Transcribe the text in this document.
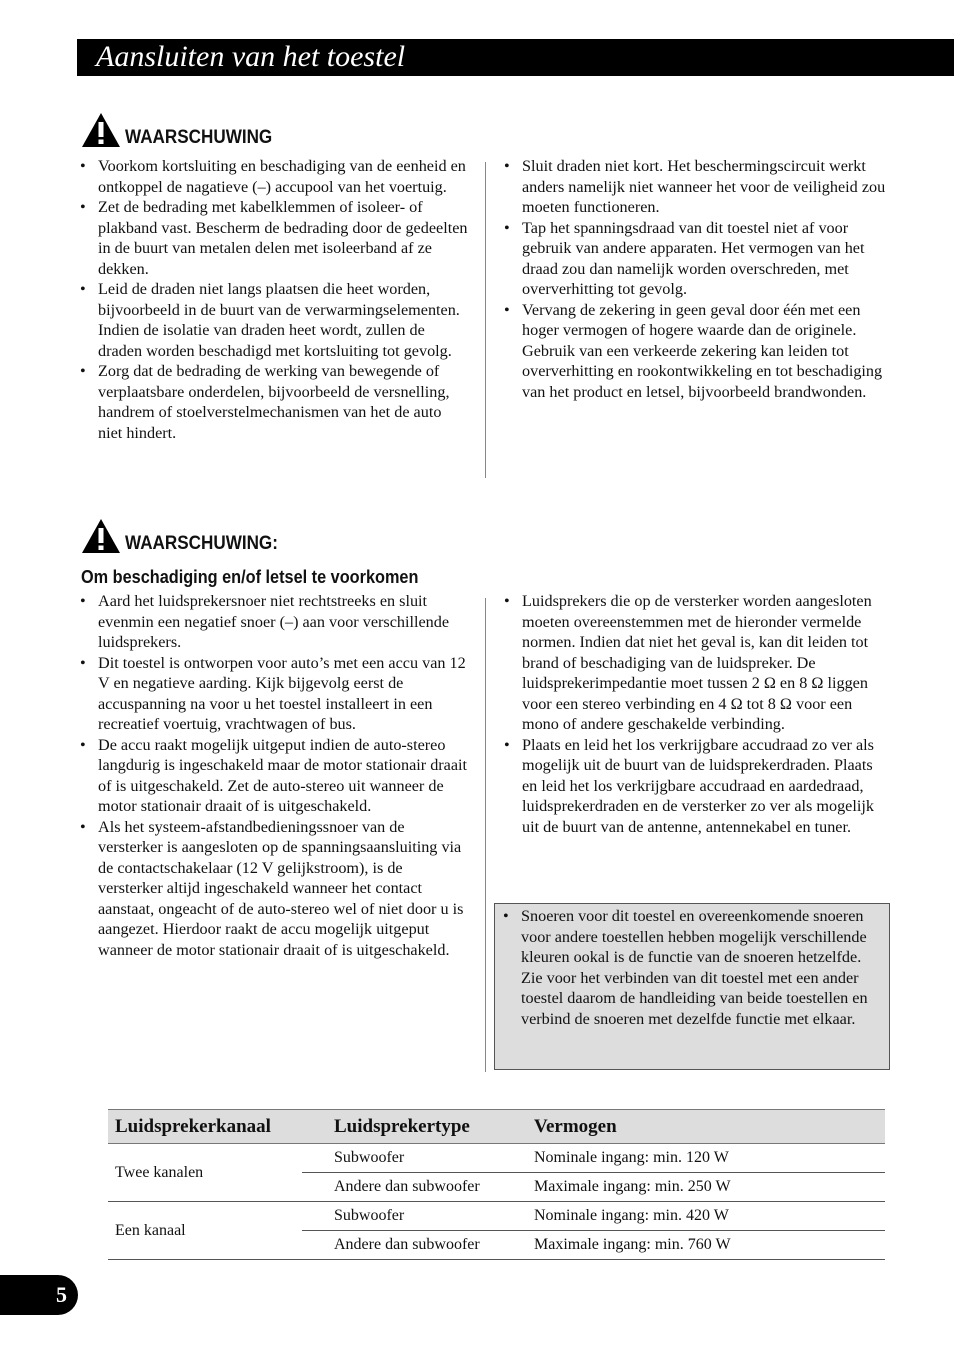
Aansluiten van het toestel
WAARSCHUWING
• Voorkom kortsluiting en beschadiging van de eenheid en ontkoppel de nagatieve (–) accupool van het voertuig.
• Zet de bedrading met kabelklemmen of isoleer- of plakband vast. Bescherm de bedrading door de gedeelten in de buurt van metalen delen met isoleerband af ze dekken.
• Leid de draden niet langs plaatsen die heet worden, bijvoorbeeld in de buurt van de verwarmingselementen. Indien de isolatie van draden heet wordt, zullen de draden worden beschadigd met kortsluiting tot gevolg.
• Zorg dat de bedrading de werking van bewegende of verplaatsbare onderdelen, bijvoorbeeld de versnelling, handrem of stoelverstelmechanismen van het de auto niet hindert.
• Sluit draden niet kort. Het beschermingscircuit werkt anders namelijk niet wanneer het voor de veiligheid zou moeten functioneren.
• Tap het spanningsdraad van dit toestel niet af voor gebruik van andere apparaten. Het vermogen van het draad zou dan namelijk worden overschreden, met oververhitting tot gevolg.
• Vervang de zekering in geen geval door één met een hoger vermogen of hogere waarde dan de originele. Gebruik van een verkeerde zekering kan leiden tot oververhitting en rookontwikkeling en tot beschadiging van het product en letsel, bijvoorbeeld brandwonden.
WAARSCHUWING:
Om beschadiging en/of letsel te voorkomen
• Aard het luidsprekersnoer niet rechtstreeks en sluit evenmin een negatief snoer (–) aan voor verschillende luidsprekers.
• Dit toestel is ontworpen voor auto’s met een accu van 12 V en negatieve aarding. Kijk bijgevolg eerst de accuspanning na voor u het toestel installeert in een recreatief voertuig, vrachtwagen of bus.
• De accu raakt mogelijk uitgeput indien de auto-stereo langdurig is ingeschakeld maar de motor stationair draait of is uitgeschakeld. Zet de auto-stereo uit wanneer de motor stationair draait of is uitgeschakeld.
• Als het systeem-afstandbedieningssnoer van de versterker is aangesloten op de spanningsaansluiting via de contactschakelaar (12 V gelijkstroom), is de versterker altijd ingeschakeld wanneer het contact aanstaat, ongeacht of de auto-stereo wel of niet door u is aangezet. Hierdoor raakt de accu mogelijk uitgeput wanneer de motor stationair draait of is uitgeschakeld.
• Luidsprekers die op de versterker worden aangesloten moeten overeenstemmen met de hieronder vermelde normen. Indien dat niet het geval is, kan dit leiden tot brand of beschadiging van de luidspreker. De luidsprekerimpedantie moet tussen 2 Ω en 8 Ω liggen voor een stereo verbinding en 4 Ω tot 8 Ω voor een mono of andere geschakelde verbinding.
• Plaats en leid het los verkrijgbare accudraad zo ver als mogelijk uit de buurt van de luidsprekerdraden. Plaats en leid het los verkrijgbare accudraad en aardedraad, luidsprekerdraden en de versterker zo ver als mogelijk uit de buurt van de antenne, antennekabel en tuner.
• Snoeren voor dit toestel en overeenkomende snoeren voor andere toestellen hebben mogelijk verschillende kleuren ookal is de functie van de snoeren hetzelfde. Zie voor het verbinden van dit toestel met een ander toestel daarom de handleiding van beide toestellen en verbind de snoeren met dezelfde functie met elkaar.
Luidsprekerkanaal	Luidsprekertype	Vermogen
Twee kanalen	Subwoofer	Nominale ingang: min. 120 W
	Andere dan subwoofer	Maximale ingang: min. 250 W
Een kanaal	Subwoofer	Nominale ingang: min. 420 W
	Andere dan subwoofer	Maximale ingang: min. 760 W
5
